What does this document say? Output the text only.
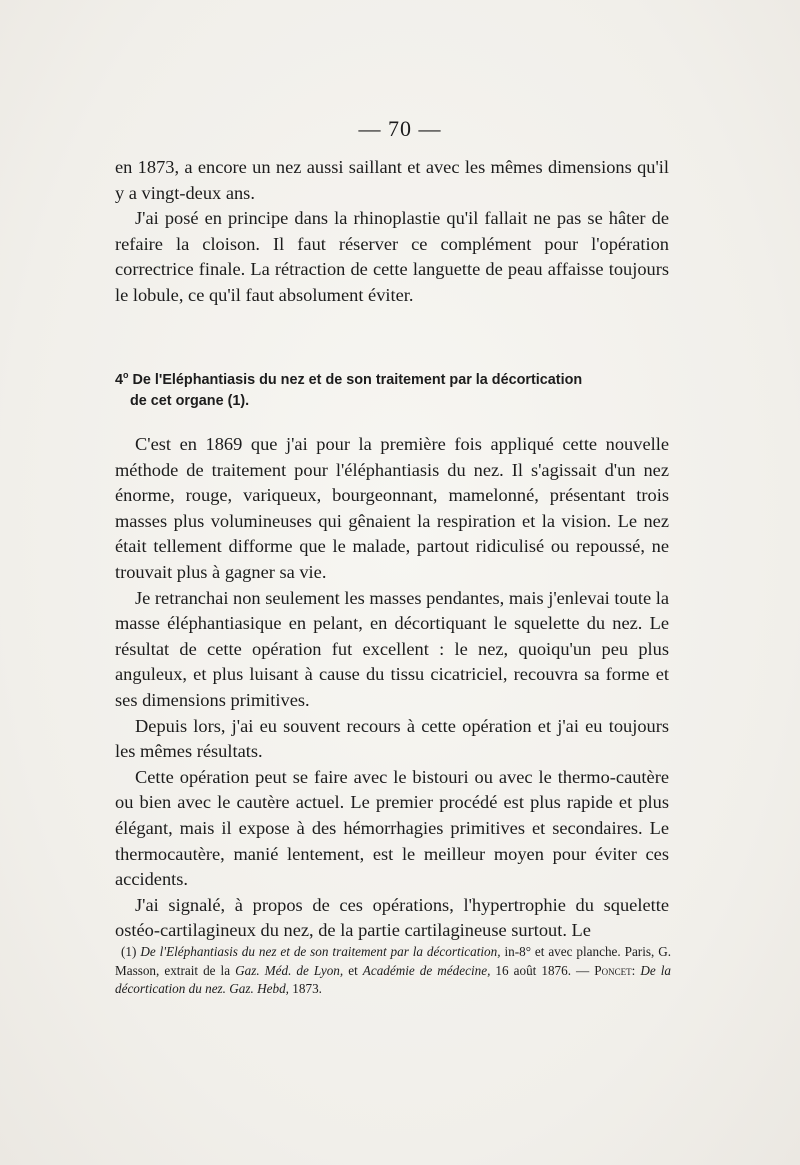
— 70 —

en 1873, a encore un nez aussi saillant et avec les mêmes dimensions qu'il y a vingt-deux ans.

J'ai posé en principe dans la rhinoplastie qu'il fallait ne pas se hâter de refaire la cloison. Il faut réserver ce complément pour l'opération correctrice finale. La rétraction de cette languette de peau affaisse toujours le lobule, ce qu'il faut absolument éviter.

4$^o$ De l'Eléphantiasis du nez et de son traitement par la décortication
de cet organe (1).

C'est en 1869 que j'ai pour la première fois appliqué cette nouvelle méthode de traitement pour l'éléphantiasis du nez. Il s'agissait d'un nez énorme, rouge, variqueux, bourgeonnant, mamelonné, présentant trois masses plus volumineuses qui gênaient la respiration et la vision. Le nez était tellement difforme que le malade, partout ridiculisé ou repoussé, ne trouvait plus à gagner sa vie.

Je retranchai non seulement les masses pendantes, mais j'enlevai toute la masse éléphantiasique en pelant, en décortiquant le squelette du nez. Le résultat de cette opération fut excellent : le nez, quoiqu'un peu plus anguleux, et plus luisant à cause du tissu cicatriciel, recouvra sa forme et ses dimensions primitives.

Depuis lors, j'ai eu souvent recours à cette opération et j'ai eu toujours les mêmes résultats.

Cette opération peut se faire avec le bistouri ou avec le thermo-cautère ou bien avec le cautère actuel. Le premier procédé est plus rapide et plus élégant, mais il expose à des hémorrhagies primitives et secondaires. Le thermocautère, manié lentement, est le meilleur moyen pour éviter ces accidents.

J'ai signalé, à propos de ces opérations, l'hypertrophie du squelette ostéo-cartilagineux du nez, de la partie cartilagineuse surtout. Le

(1) De l'Eléphantiasis du nez et de son traitement par la décortication, in-8° et avec planche. Paris, G. Masson, extrait de la Gaz. Méd. de Lyon, et Académie de médecine, 16 août 1876. — Poncet: De la décortication du nez. Gaz. Hebd, 1873.
